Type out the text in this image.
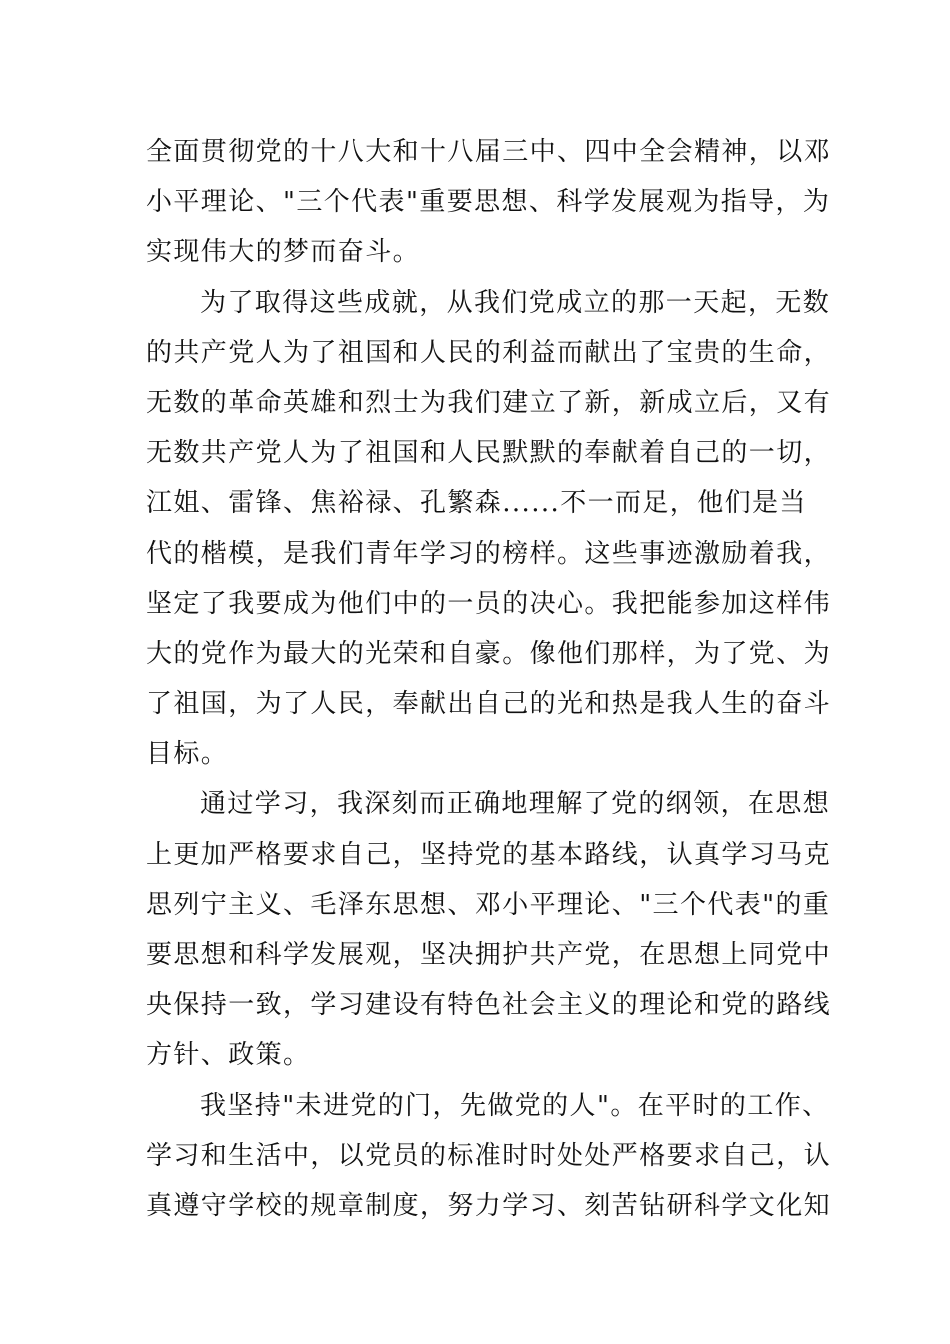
全面贯彻党的十八大和十八届三中、四中全会精神，以邓
小平理论、"三个代表"重要思想、科学发展观为指导，为
实现伟大的梦而奋斗。
为了取得这些成就，从我们党成立的那一天起，无数
的共产党人为了祖国和人民的利益而献出了宝贵的生命，
无数的革命英雄和烈士为我们建立了新，新成立后，又有
无数共产党人为了祖国和人民默默的奉献着自己的一切，
江姐、雷锋、焦裕禄、孔繁森......不一而足，他们是当
代的楷模，是我们青年学习的榜样。这些事迹激励着我，
坚定了我要成为他们中的一员的决心。我把能参加这样伟
大的党作为最大的光荣和自豪。像他们那样，为了党、为
了祖国，为了人民，奉献出自己的光和热是我人生的奋斗
目标。
通过学习，我深刻而正确地理解了党的纲领，在思想
上更加严格要求自己，坚持党的基本路线，认真学习马克
思列宁主义、毛泽东思想、邓小平理论、"三个代表"的重
要思想和科学发展观，坚决拥护共产党，在思想上同党中
央保持一致，学习建设有特色社会主义的理论和党的路线
方针、政策。
我坚持"未进党的门，先做党的人"。在平时的工作、
学习和生活中，以党员的标准时时处处严格要求自己，认
真遵守学校的规章制度，努力学习、刻苦钻研科学文化知
